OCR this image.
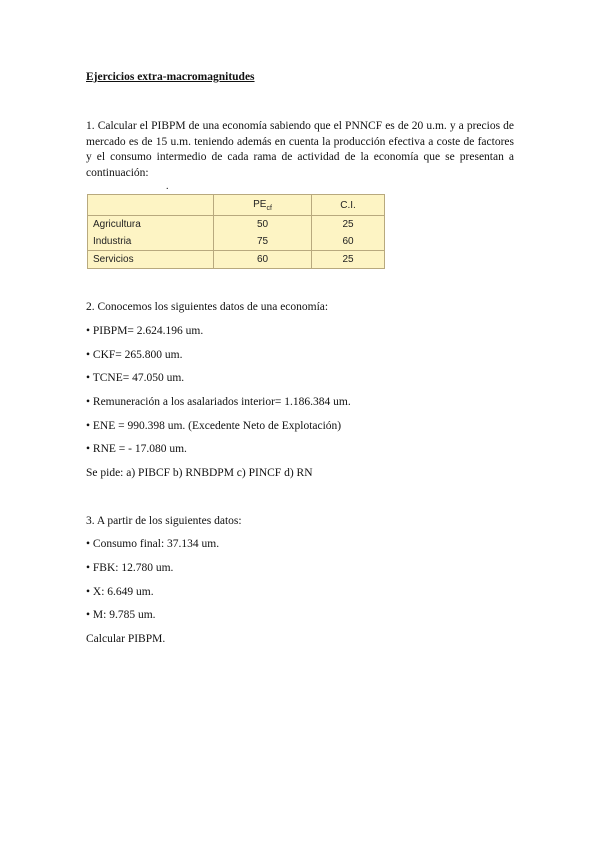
Ejercicios extra-macromagnitudes
1. Calcular el PIBPM de una economía sabiendo que el PNNCF es de 20 u.m. y a precios de mercado es de 15 u.m. teniendo además en cuenta la producción efectiva a coste de factores y el consumo intermedio de cada rama de actividad de la economía que se presentan a continuación:
.
	$PE_{cf}$	C.I.
Agricultura	50	25
Industria	75	60
Servicios	60	25
2. Conocemos los siguientes datos de una economía:
• PIBPM= 2.624.196 um.
• CKF= 265.800 um.
• TCNE= 47.050 um.
• Remuneración a los asalariados interior= 1.186.384 um.
• ENE = 990.398 um. (Excedente Neto de Explotación)
• RNE = - 17.080 um.
Se pide: a) PIBCF b) RNBDPM c) PINCF d) RN
3. A partir de los siguientes datos:
• Consumo final: 37.134 um.
• FBK: 12.780 um.
• X: 6.649 um.
• M: 9.785 um.
Calcular PIBPM.
